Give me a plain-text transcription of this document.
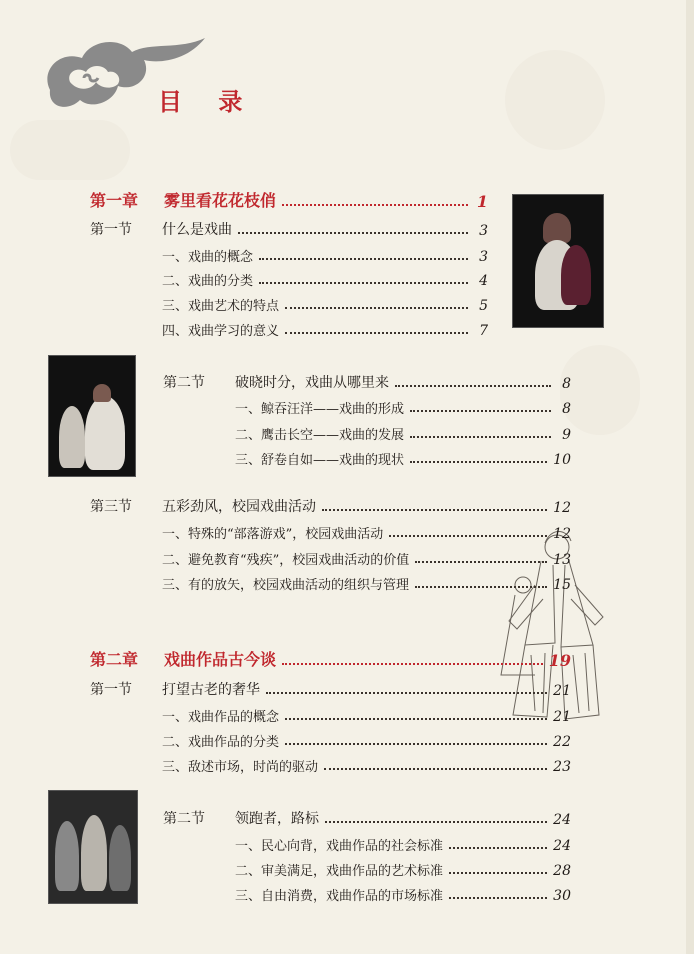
目 录
第一章	雾里看花花枝俏	1
第一节	什么是戏曲	3
一、戏曲的概念	3
二、戏曲的分类	4
三、戏曲艺术的特点	5
四、戏曲学习的意义	7
第二节	破晓时分，戏曲从哪里来	8
一、鲸吞汪洋——戏曲的形成	8
二、鹰击长空——戏曲的发展	9
三、舒卷自如——戏曲的现状	10
第三节	五彩劲风，校园戏曲活动	12
一、特殊的“部落游戏”，校园戏曲活动	12
二、避免教育“残疾”，校园戏曲活动的价值	13
三、有的放矢，校园戏曲活动的组织与管理	15
第二章	戏曲作品古今谈	19
第一节	打望古老的奢华	21
一、戏曲作品的概念	21
二、戏曲作品的分类	22
三、敌述市场，时尚的驱动	23
第二节	领跑者，路标	24
一、民心向背，戏曲作品的社会标准	24
二、审美满足，戏曲作品的艺术标准	28
三、自由消费，戏曲作品的市场标准	30
